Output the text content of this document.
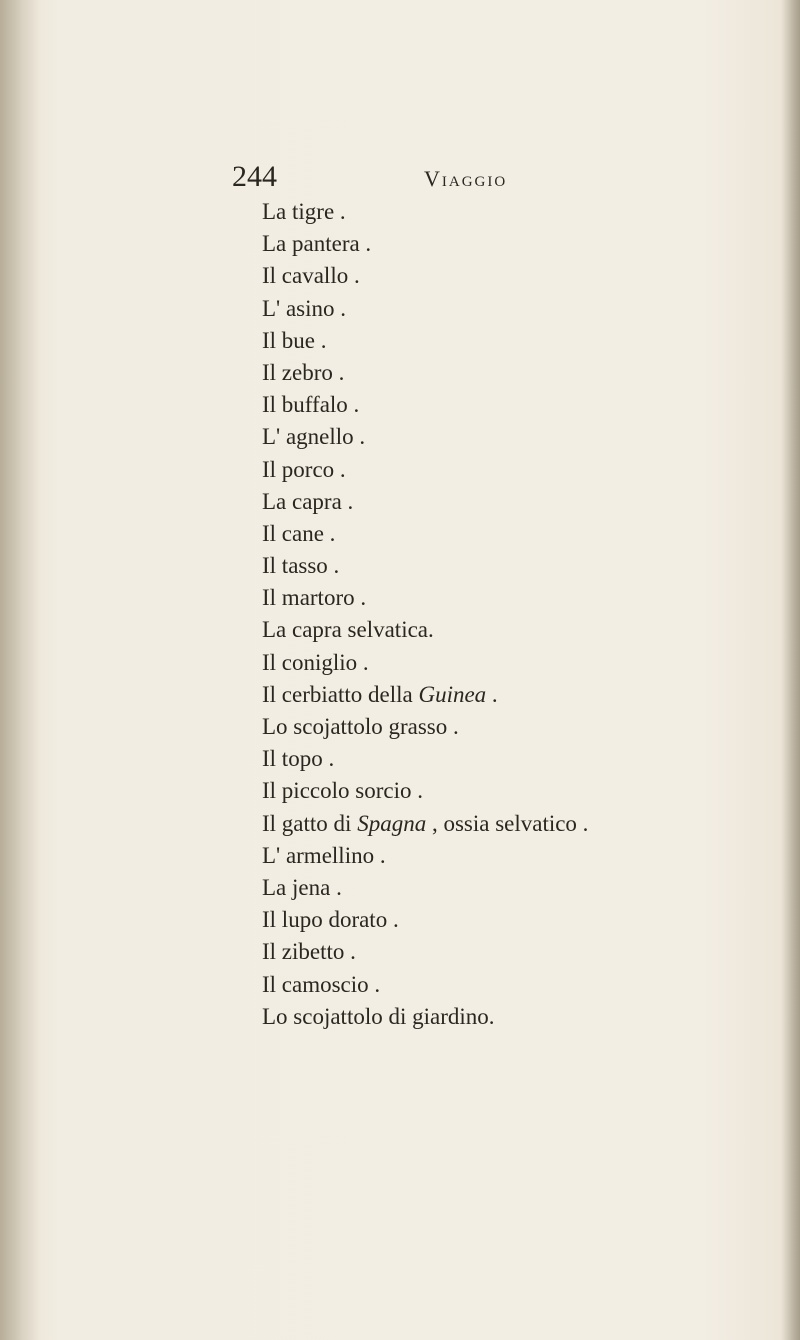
244	Viaggio
La tigre .
La pantera .
Il cavallo .
L' asino .
Il bue .
Il zebro .
Il buffalo .
L' agnello .
Il porco .
La capra .
Il cane .
Il tasso .
Il martoro .
La capra selvatica.
Il coniglio .
Il cerbiatto della Guinea .
Lo scojattolo grasso .
Il topo .
Il piccolo sorcio .
Il gatto di Spagna , ossia selvatico .
L' armellino .
La jena .
Il lupo dorato .
Il zibetto .
Il camoscio .
Lo scojattolo di giardino.
